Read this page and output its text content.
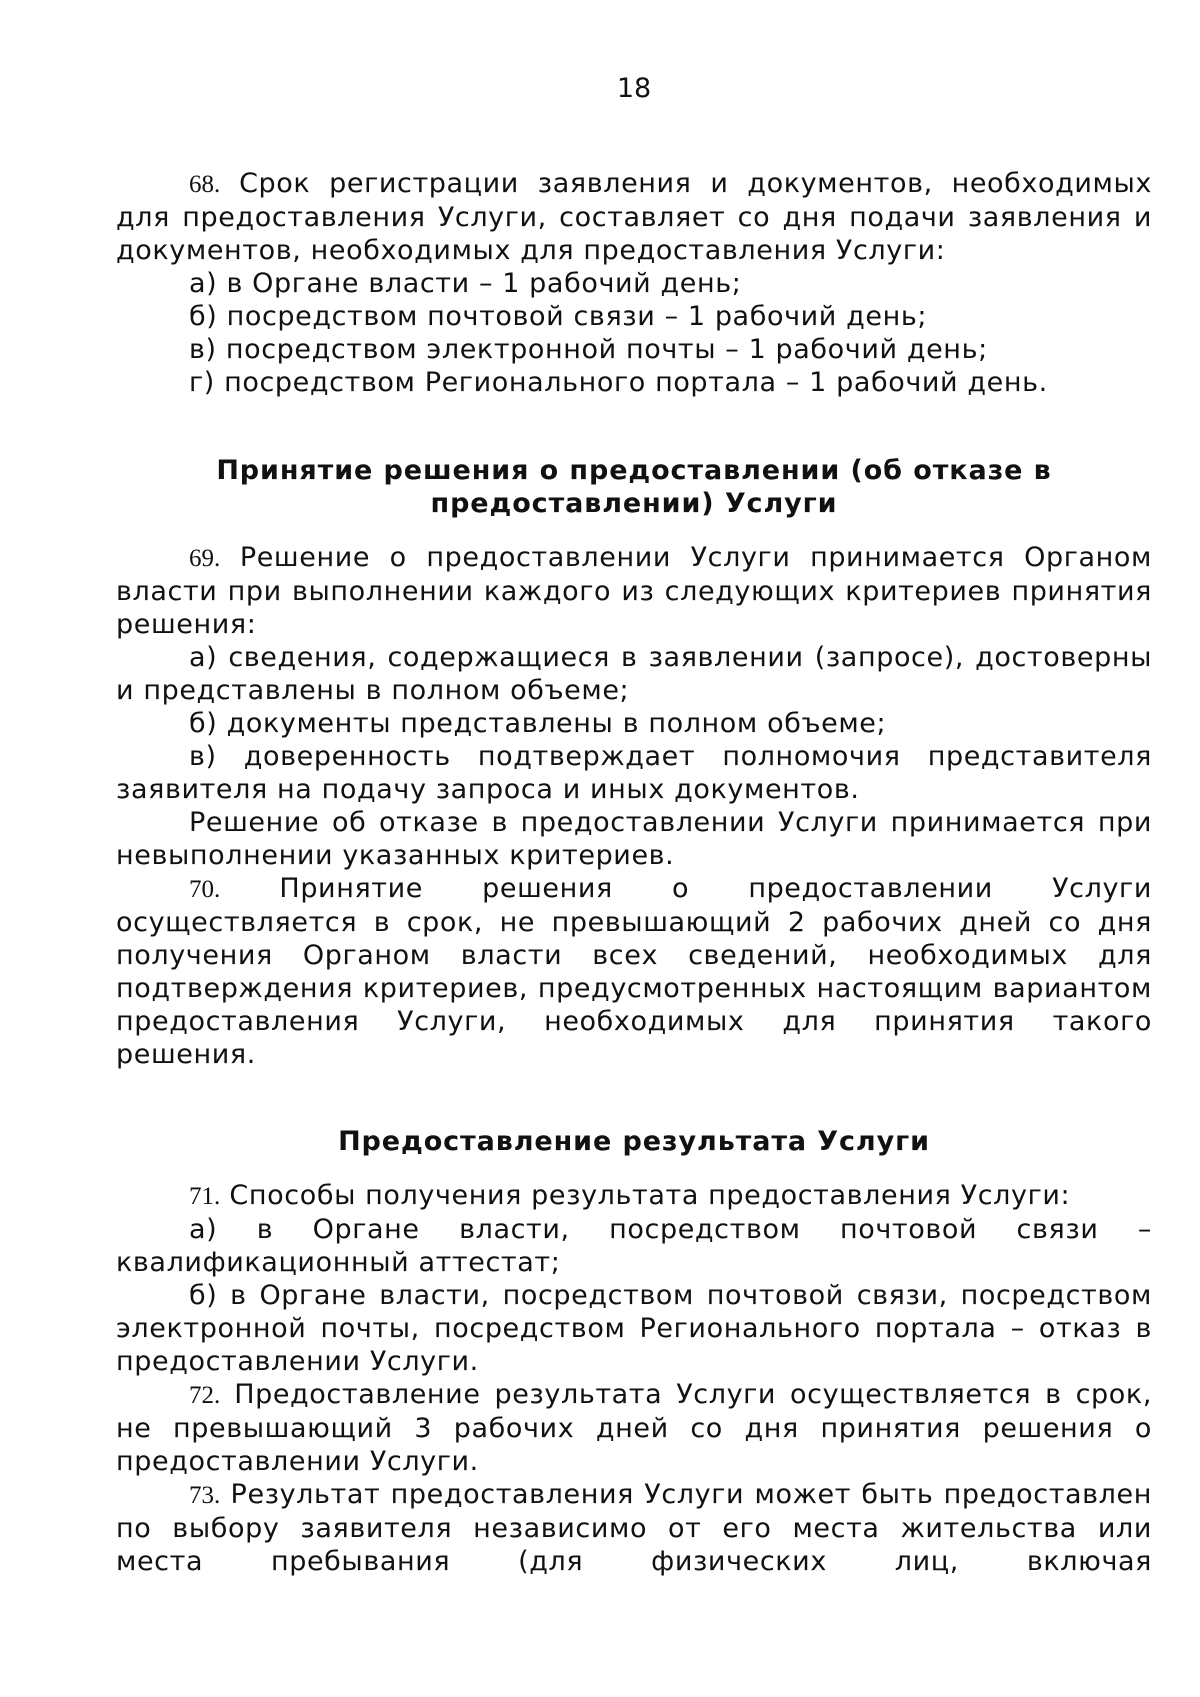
18

68. Срок регистрации заявления и документов, необходимых для предоставления Услуги, составляет со дня подачи заявления и документов, необходимых для предоставления Услуги:

а) в Органе власти – 1 рабочий день;

б) посредством почтовой связи – 1 рабочий день;

в) посредством электронной почты – 1 рабочий день;

г) посредством Регионального портала – 1 рабочий день.

Принятие решения о предоставлении (об отказе в
предоставлении) Услуги

69. Решение о предоставлении Услуги принимается Органом власти при выполнении каждого из следующих критериев принятия решения:

а) сведения, содержащиеся в заявлении (запросе), достоверны и представлены в полном объеме;

б) документы представлены в полном объеме;

в) доверенность подтверждает полномочия представителя заявителя на подачу запроса и иных документов.

Решение об отказе в предоставлении Услуги принимается при невыполнении указанных критериев.

70. Принятие решения о предоставлении Услуги осуществляется в срок, не превышающий 2 рабочих дней со дня получения Органом власти всех сведений, необходимых для подтверждения критериев, предусмотренных настоящим вариантом предоставления Услуги, необходимых для принятия такого решения.

Предоставление результата Услуги

71. Способы получения результата предоставления Услуги:

а) в Органе власти, посредством почтовой связи – квалификационный аттестат;

б) в Органе власти, посредством почтовой связи, посредством электронной почты, посредством Регионального портала – отказ в предоставлении Услуги.

72. Предоставление результата Услуги осуществляется в срок, не превышающий 3 рабочих дней со дня принятия решения о предоставлении Услуги.

73. Результат предоставления Услуги может быть предоставлен по выбору заявителя независимо от его места жительства или места пребывания (для физических лиц, включая
